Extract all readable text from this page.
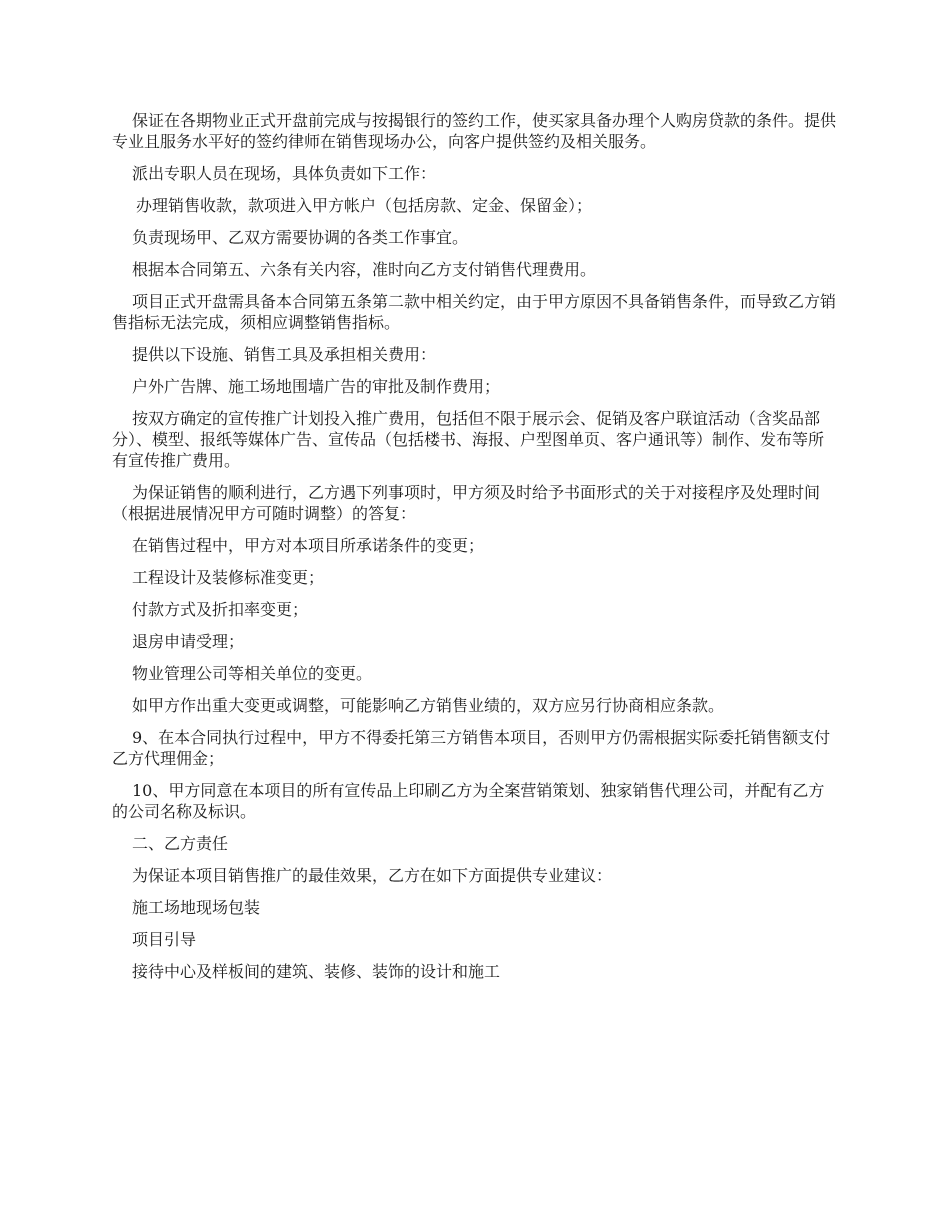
保证在各期物业正式开盘前完成与按揭银行的签约工作，使买家具备办理个人购房贷款的条件。提供专业且服务水平好的签约律师在销售现场办公，向客户提供签约及相关服务。

派出专职人员在现场，具体负责如下工作：

办理销售收款，款项进入甲方帐户（包括房款、定金、保留金）；

负责现场甲、乙双方需要协调的各类工作事宜。

根据本合同第五、六条有关内容，准时向乙方支付销售代理费用。

项目正式开盘需具备本合同第五条第二款中相关约定，由于甲方原因不具备销售条件，而导致乙方销售指标无法完成，须相应调整销售指标。

提供以下设施、销售工具及承担相关费用：

户外广告牌、施工场地围墙广告的审批及制作费用；

按双方确定的宣传推广计划投入推广费用，包括但不限于展示会、促销及客户联谊活动（含奖品部分）、模型、报纸等媒体广告、宣传品（包括楼书、海报、户型图单页、客户通讯等）制作、发布等所有宣传推广费用。

为保证销售的顺利进行，乙方遇下列事项时，甲方须及时给予书面形式的关于对接程序及处理时间（根据进展情况甲方可随时调整）的答复：

在销售过程中，甲方对本项目所承诺条件的变更；

工程设计及装修标准变更；

付款方式及折扣率变更；

退房申请受理；

物业管理公司等相关单位的变更。

如甲方作出重大变更或调整，可能影响乙方销售业绩的，双方应另行协商相应条款。

9、在本合同执行过程中，甲方不得委托第三方销售本项目，否则甲方仍需根据实际委托销售额支付乙方代理佣金；

10、甲方同意在本项目的所有宣传品上印刷乙方为全案营销策划、独家销售代理公司，并配有乙方的公司名称及标识。

二、乙方责任

为保证本项目销售推广的最佳效果，乙方在如下方面提供专业建议：

施工场地现场包装

项目引导

接待中心及样板间的建筑、装修、装饰的设计和施工
